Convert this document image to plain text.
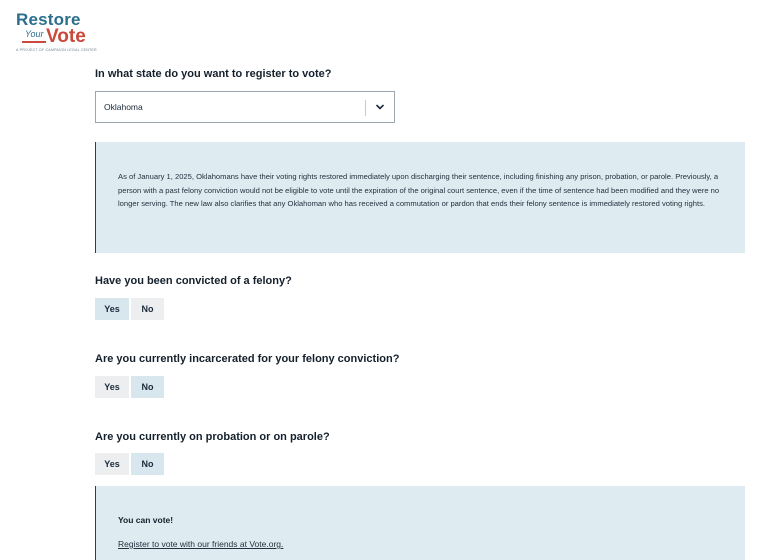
Restore
Your Vote
A PROJECT OF CAMPAIGN LEGAL CENTER
In what state do you want to register to vote?
Oklahoma

As of January 1, 2025, Oklahomans have their voting rights restored immediately upon discharging their sentence, including finishing any prison, probation, or parole. Previously, a person with a past felony conviction would not be eligible to vote until the expiration of the original court sentence, even if the time of sentence had been modified and they were no longer serving. The new law also clarifies that any Oklahoman who has received a commutation or pardon that ends their felony sentence is immediately restored voting rights.

Have you been convicted of a felony?
Yes	No
Are you currently incarcerated for your felony conviction?
Yes	No
Are you currently on probation or on parole?
Yes	No
You can vote!
Register to vote with our friends at Vote.org.
